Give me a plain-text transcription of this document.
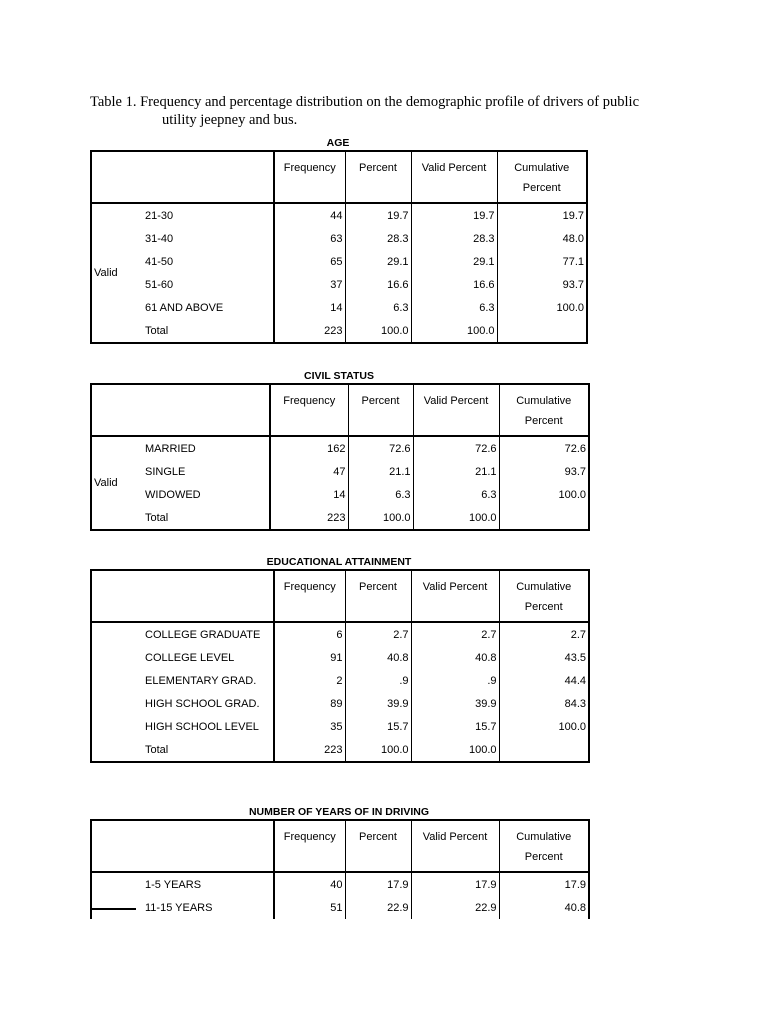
Table 1. Frequency and percentage distribution on the demographic profile of drivers of public
utility jeepney and bus.
AGE
		Frequency	Percent	Valid Percent	Cumulative
Percent
Valid	21-30	44	19.7	19.7	19.7
	31-40	63	28.3	28.3	48.0
	41-50	65	29.1	29.1	77.1
	51-60	37	16.6	16.6	93.7
	61 AND ABOVE	14	6.3	6.3	100.0
	Total	223	100.0	100.0	
CIVIL STATUS
		Frequency	Percent	Valid Percent	Cumulative
Percent
Valid	MARRIED	162	72.6	72.6	72.6
	SINGLE	47	21.1	21.1	93.7
	WIDOWED	14	6.3	6.3	100.0
	Total	223	100.0	100.0	
EDUCATIONAL ATTAINMENT
		Frequency	Percent	Valid Percent	Cumulative
Percent
	COLLEGE GRADUATE	6	2.7	2.7	2.7
	COLLEGE LEVEL	91	40.8	40.8	43.5
	ELEMENTARY GRAD.	2	.9	.9	44.4
	HIGH SCHOOL GRAD.	89	39.9	39.9	84.3
	HIGH SCHOOL LEVEL	35	15.7	15.7	100.0
	Total	223	100.0	100.0	
NUMBER OF YEARS OF IN DRIVING
		Frequency	Percent	Valid Percent	Cumulative
Percent
	1-5 YEARS	40	17.9	17.9	17.9
	11-15 YEARS	51	22.9	22.9	40.8
